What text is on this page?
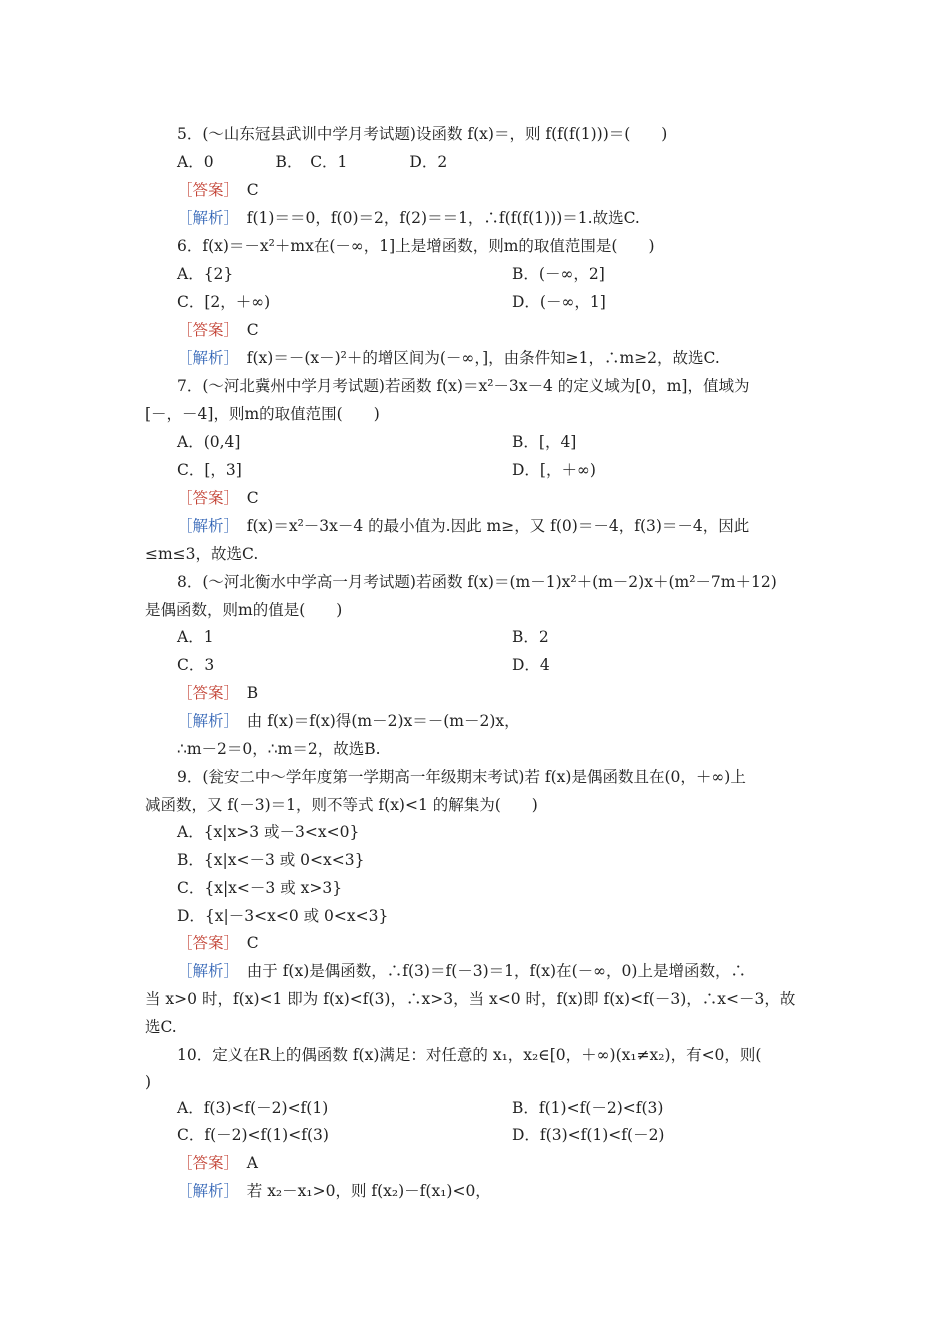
5．(～山东冠县武训中学月考试题)设函数 f(x)＝，则 f(f(f(1)))＝(　　)
A．0　　　　B．　C．1　　　　D．2
［答案］　C
［解析］　f(1)＝＝0，f(0)＝2，f(2)＝＝1，∴f(f(f(1)))＝1.故选C.
6．f(x)＝－x²＋mx在(－∞，1]上是增函数，则m的取值范围是(　　)
A．{2}	B．(－∞，2]
C．[2，＋∞)	D．(－∞，1]
［答案］　C
［解析］　f(x)＝－(x－)²＋的增区间为(－∞，]，由条件知≥1，∴m≥2，故选C.
7．(～河北冀州中学月考试题)若函数 f(x)＝x²－3x－4 的定义域为[0，m]，值域为
[－，－4]，则m的取值范围(　　)
A．(0,4]	B．[，4]
C．[，3]	D．[，＋∞)
［答案］　C
［解析］　f(x)＝x²－3x－4 的最小值为.因此 m≥，又 f(0)＝－4，f(3)＝－4，因此
≤m≤3，故选C.
8．(～河北衡水中学高一月考试题)若函数 f(x)＝(m－1)x²＋(m－2)x＋(m²－7m＋12)
是偶函数，则m的值是(　　)
A．1	B．2
C．3	D．4
［答案］　B
［解析］　由 f(x)＝f(x)得(m－2)x＝－(m－2)x，
∴m－2＝0，∴m＝2，故选B.
9．(瓮安二中～学年度第一学期高一年级期末考试)若 f(x)是偶函数且在(0，＋∞)上
减函数，又 f(－3)＝1，则不等式 f(x)<1 的解集为(　　)
A．{x|x>3 或－3<x<0}
B．{x|x<－3 或 0<x<3}
C．{x|x<－3 或 x>3}
D．{x|－3<x<0 或 0<x<3}
［答案］　C
［解析］　由于 f(x)是偶函数，∴f(3)＝f(－3)＝1，f(x)在(－∞，0)上是增函数，∴
当 x>0 时，f(x)<1 即为 f(x)<f(3)，∴x>3，当 x<0 时，f(x)即 f(x)<f(－3)，∴x<－3，故
选C.
10．定义在R上的偶函数 f(x)满足：对任意的 x₁，x₂∈[0，＋∞)(x₁≠x₂)，有<0，则(
)
A．f(3)<f(－2)<f(1)	B．f(1)<f(－2)<f(3)
C．f(－2)<f(1)<f(3)	D．f(3)<f(1)<f(－2)
［答案］　A
［解析］　若 x₂－x₁>0，则 f(x₂)－f(x₁)<0，
